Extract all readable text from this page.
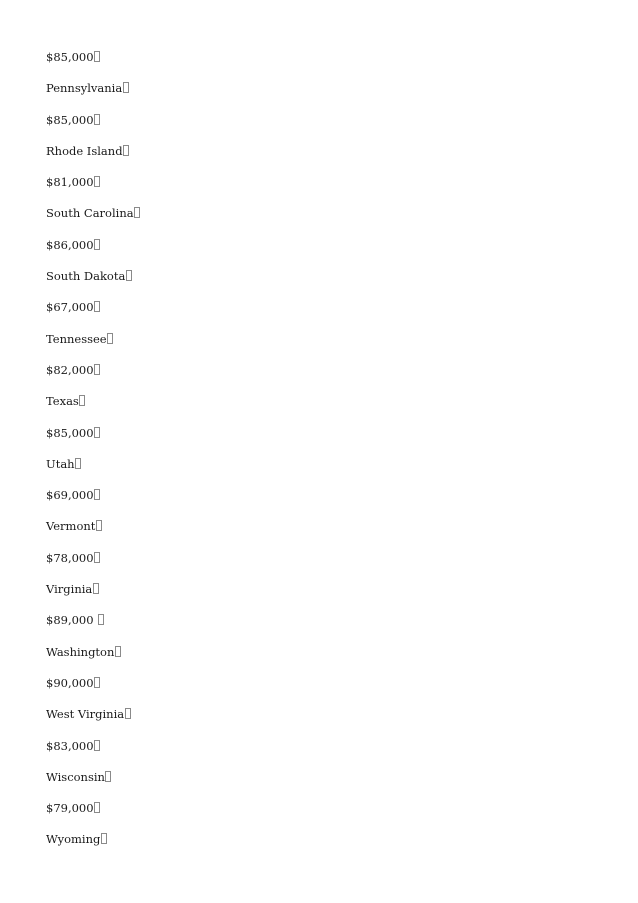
$85,000
Pennsylvania
$85,000
Rhode Island
$81,000
South Carolina
$86,000
South Dakota
$67,000
Tennessee
$82,000
Texas
$85,000
Utah
$69,000
Vermont
$78,000
Virginia
$89,000
Washington
$90,000
West Virginia
$83,000
Wisconsin
$79,000
Wyoming
